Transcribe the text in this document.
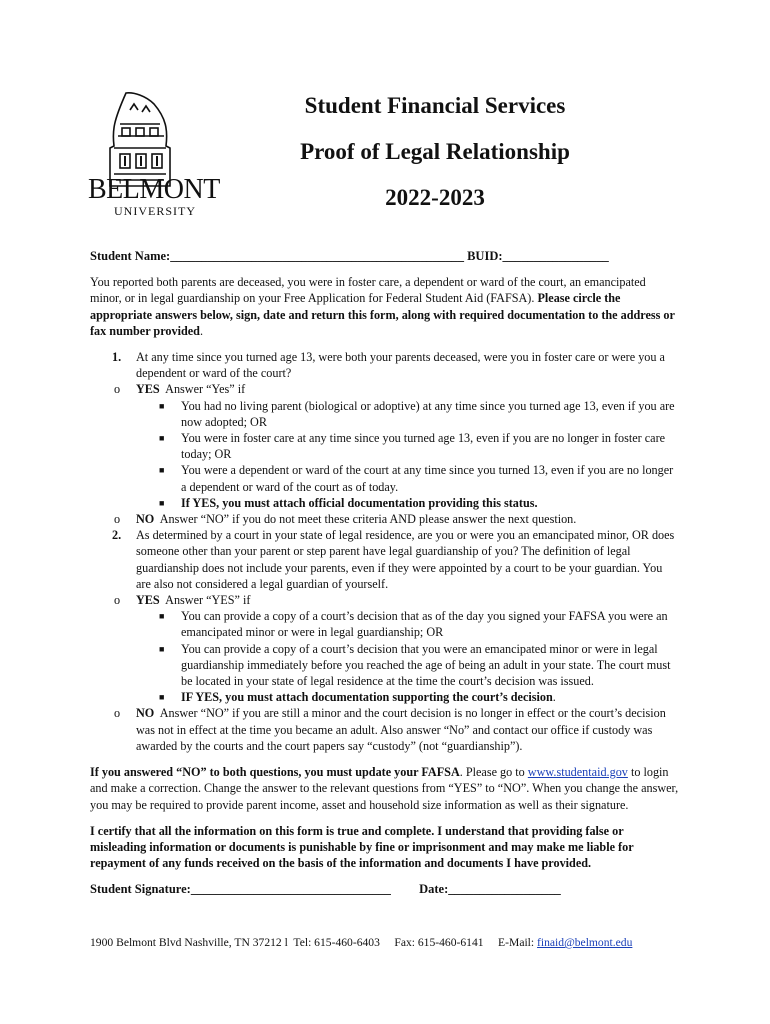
BELMONT
UNIVERSITY
Student Financial Services
Proof of Legal Relationship
2022-2023
Student Name:_______________________________________________ BUID:_________________

You reported both parents are deceased, you were in foster care, a dependent or ward of the court, an emancipated minor, or in legal guardianship on your Free Application for Federal Student Aid (FAFSA). Please circle the appropriate answers below, sign, date and return this form, along with required documentation to the address or fax number provided.

1. At any time since you turned age 13, were both your parents deceased, were you in foster care or were you a dependent or ward of the court?
o YES  Answer “Yes” if
■ You had no living parent (biological or adoptive) at any time since you turned age 13, even if you are now adopted; OR
■ You were in foster care at any time since you turned age 13, even if you are no longer in foster care today; OR
■ You were a dependent or ward of the court at any time since you turned 13, even if you are no longer a dependent or ward of the court as of today.
■ If YES, you must attach official documentation providing this status.
o NO  Answer “NO” if you do not meet these criteria AND please answer the next question.
2. As determined by a court in your state of legal residence, are you or were you an emancipated minor, OR does someone other than your parent or step parent have legal guardianship of you? The definition of legal guardianship does not include your parents, even if they were appointed by a court to be your guardian. You are also not considered a legal guardian of yourself.
o YES  Answer “YES” if
■ You can provide a copy of a court’s decision that as of the day you signed your FAFSA you were an emancipated minor or were in legal guardianship; OR
■ You can provide a copy of a court’s decision that you were an emancipated minor or were in legal guardianship immediately before you reached the age of being an adult in your state. The court must be located in your state of legal residence at the time the court’s decision was issued.
■ IF YES, you must attach documentation supporting the court’s decision.
o NO  Answer “NO” if you are still a minor and the court decision is no longer in effect or the court’s decision was not in effect at the time you became an adult. Also answer “No” and contact our office if custody was awarded by the courts and the court papers say “custody” (not “guardianship”).

If you answered “NO” to both questions, you must update your FAFSA. Please go to www.studentaid.gov to login and make a correction. Change the answer to the relevant questions from “YES” to “NO”. When you change the answer, you may be required to provide parent income, asset and household size information as well as their signature.

I certify that all the information on this form is true and complete. I understand that providing false or misleading information or documents is punishable by fine or imprisonment and may make me liable for repayment of any funds received on the basis of the information and documents I have provided.

Student Signature:________________________________ Date:__________________
1900 Belmont Blvd Nashville, TN 37212 l  Tel: 615-460-6403     Fax: 615-460-6141     E-Mail: finaid@belmont.edu
